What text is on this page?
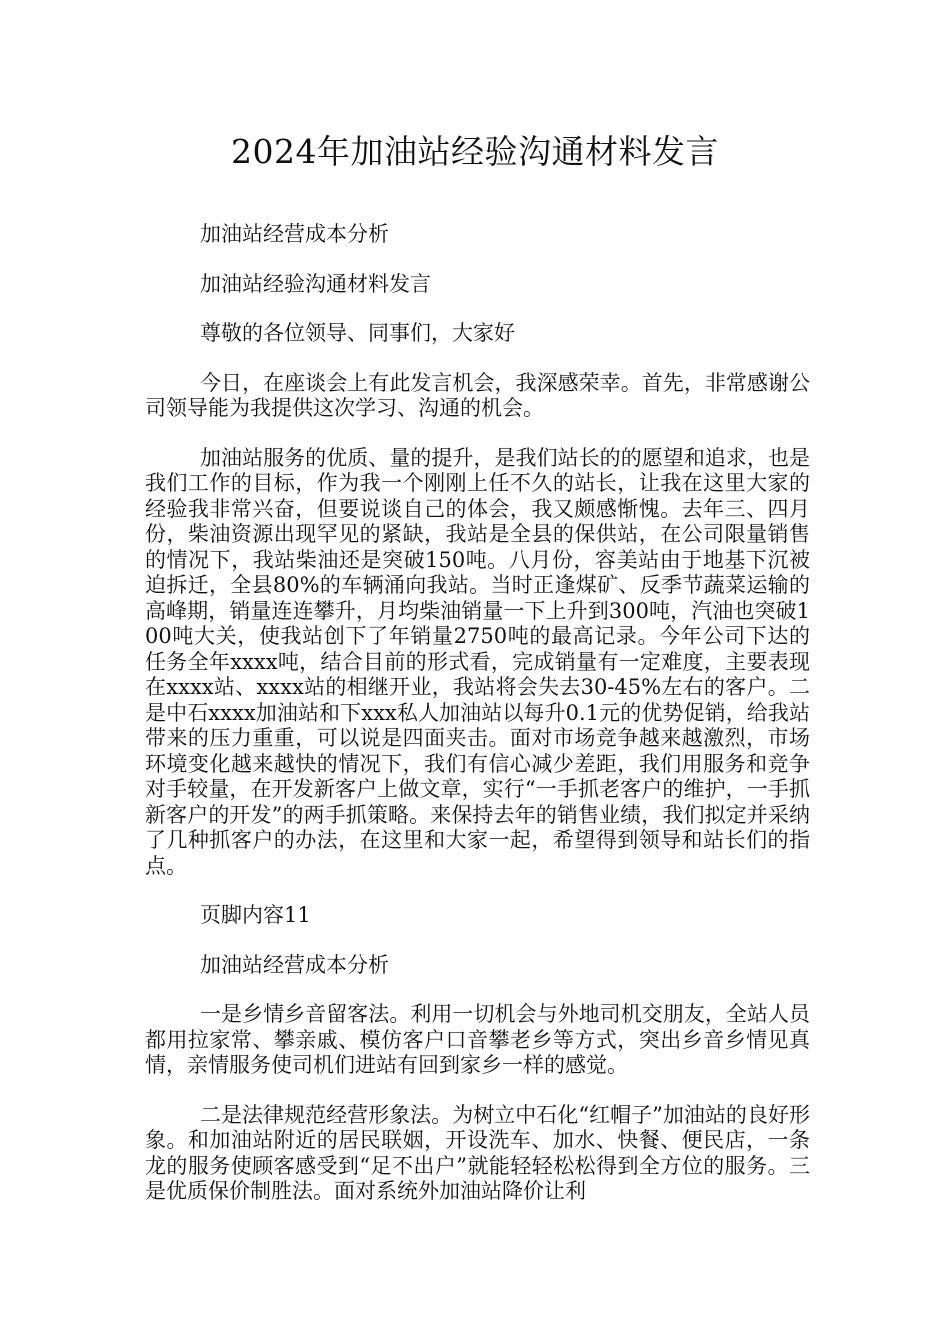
2024年加油站经验沟通材料发言

加油站经营成本分析

加油站经验沟通材料发言

尊敬的各位领导、同事们，大家好

今日，在座谈会上有此发言机会，我深感荣幸。首先，非常感谢公司领导能为我提供这次学习、沟通的机会。

加油站服务的优质、量的提升，是我们站长的的愿望和追求，也是我们工作的目标，作为我一个刚刚上任不久的站长，让我在这里大家的经验我非常兴奋，但要说谈自己的体会，我又颇感惭愧。去年三、四月份，柴油资源出现罕见的紧缺，我站是全县的保供站，在公司限量销售的情况下，我站柴油还是突破150吨。八月份，容美站由于地基下沉被迫拆迁，全县80%的车辆涌向我站。当时正逢煤矿、反季节蔬菜运输的高峰期，销量连连攀升，月均柴油销量一下上升到300吨，汽油也突破100吨大关，使我站创下了年销量2750吨的最高记录。今年公司下达的任务全年xxxx吨，结合目前的形式看，完成销量有一定难度，主要表现在xxxx站、xxxx站的相继开业，我站将会失去30-45%左右的客户。二是中石xxxx加油站和下xxx私人加油站以每升0.1元的优势促销，给我站带来的压力重重，可以说是四面夹击。面对市场竞争越来越激烈，市场环境变化越来越快的情况下，我们有信心减少差距，我们用服务和竞争对手较量，在开发新客户上做文章，实行“一手抓老客户的维护，一手抓新客户的开发”的两手抓策略。来保持去年的销售业绩，我们拟定并采纳了几种抓客户的办法，在这里和大家一起，希望得到领导和站长们的指点。

页脚内容11

加油站经营成本分析

一是乡情乡音留客法。利用一切机会与外地司机交朋友，全站人员都用拉家常、攀亲戚、模仿客户口音攀老乡等方式，突出乡音乡情见真情，亲情服务使司机们进站有回到家乡一样的感觉。

二是法律规范经营形象法。为树立中石化“红帽子”加油站的良好形象。和加油站附近的居民联姻，开设洗车、加水、快餐、便民店，一条龙的服务使顾客感受到“足不出户”就能轻轻松松得到全方位的服务。三是优质保价制胜法。面对系统外加油站降价让利
